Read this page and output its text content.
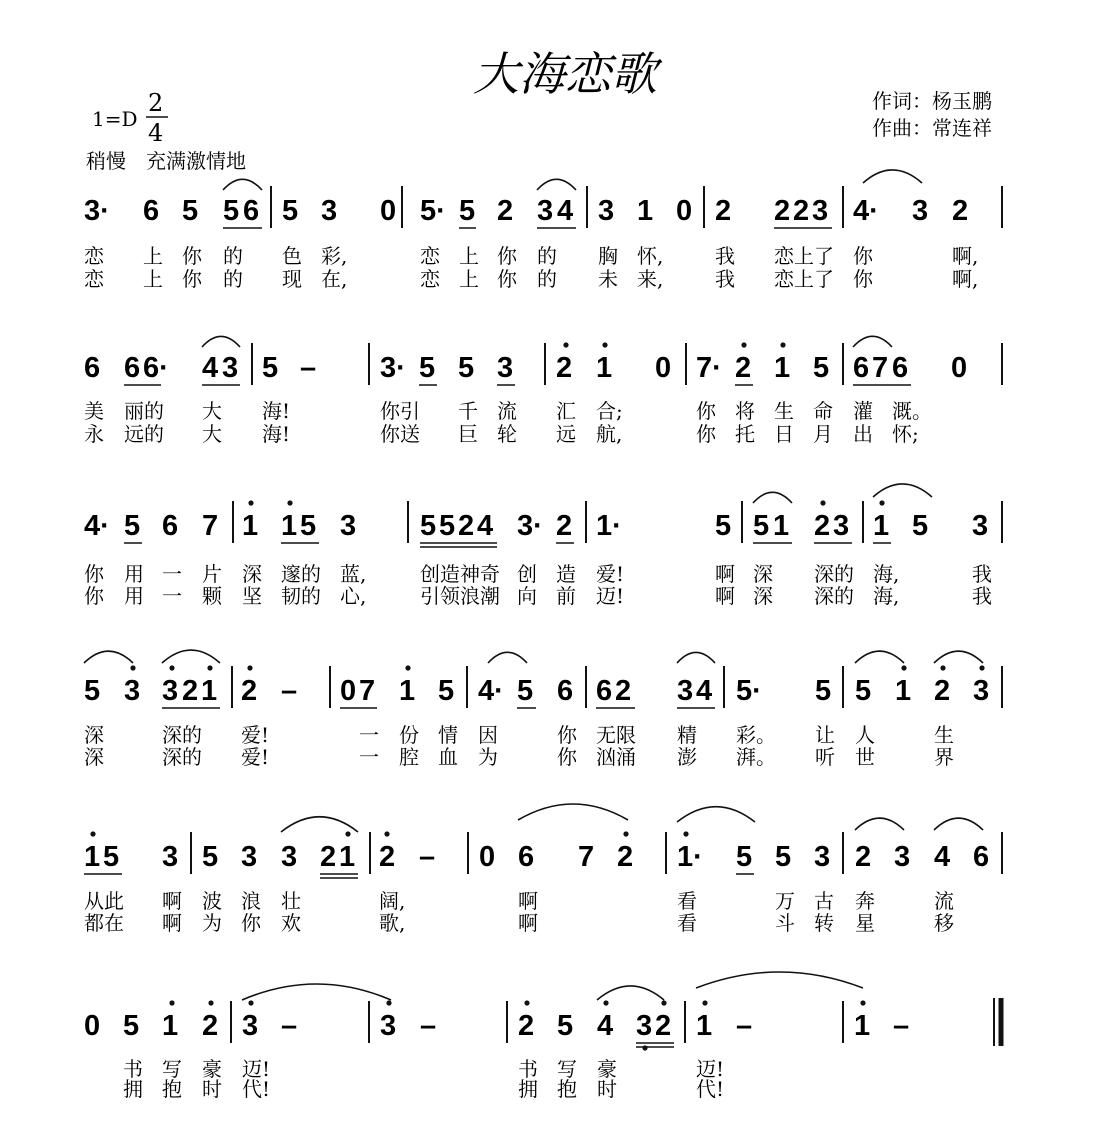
大海恋歌
1=D
2
4
稍慢　充满激情地
作词：杨玉鹏
作曲：常连祥
3· 6 5 5 6 5 3 0 5· 5 2 3 4 3 1 0 2 2 2 3 4· 3 2
恋 上 你 的 色 彩,	恋 上 你 的 胸 怀,	我 恋上了 你	啊,
恋 上 你 的 现 在,	恋 上 你 的 未 来,	我 恋上了 你	啊,
6 6 6· 4 3 5 – 3· 5 5 3 2 1 0 7· 2 1 5 6 7 6 0
美 丽的 大 海!	你引 千 流 汇 合;	你 将 生 命 灌 溉。
永 远的 大 海!	你送 巨 轮 远 航,	你 托 日 月 出 怀;
4· 5 6 7 1 1 5 3 5 5 2 4 3· 2 1·	5 5 1 2 3 1 5 3
你 用 一 片 深 邃的 蓝,	创造神奇 创 造 爱!	啊 深 深的 海,	我
你 用 一 颗 坚 韧的 心,	引领浪潮 向 前 迈!	啊 深 深的 海,	我
5 3 3 2 1 2 – 0 7 1 5 4· 5 6 6 2 3 4 5· 5 5 1 2 3
深	深的 爱!	一 份 情 因	你 无限 精 彩。 让 人	生
深	深的 爱!	一 腔 血 为	你 汹涌 澎 湃。 听 世	界
1 5 3 5 3 3 2 1 2 – 0 6 7 2 1· 5 5 3 2 3 4 6
从此 啊 波 浪 壮	阔,	啊	看	万 古 奔	流
都在 啊 为 你 欢	歌,	啊	看	斗 转 星	移
0 5 1 2 3 –	3 –	2 5 4 3 2 1 –	1 –
书 写 豪 迈!	书 写 豪	迈!
拥 抱 时 代!	拥 抱 时	代!
